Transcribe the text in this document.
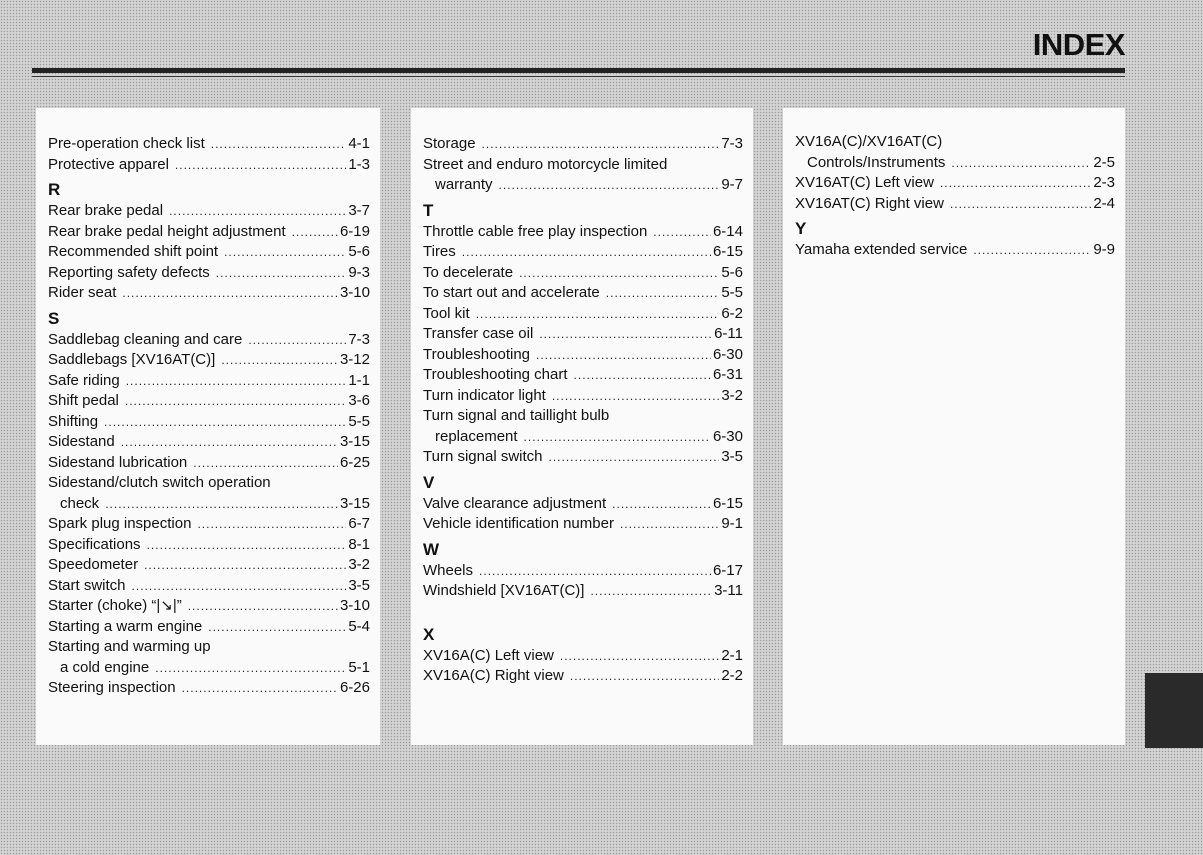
INDEX
Pre-operation check list .....	4-1
Protective apparel .....	1-3
R
Rear brake pedal .....	3-7
Rear brake pedal height adjustment .....	6-19
Recommended shift point .....	5-6
Reporting safety defects .....	9-3
Rider seat .....	3-10
S
Saddlebag cleaning and care .....	7-3
Saddlebags [XV16AT(C)] .....	3-12
Safe riding .....	1-1
Shift pedal .....	3-6
Shifting .....	5-5
Sidestand .....	3-15
Sidestand lubrication .....	6-25
Sidestand/clutch switch operation
check .....	3-15
Spark plug inspection .....	6-7
Specifications .....	8-1
Speedometer .....	3-2
Start switch .....	3-5
Starter (choke) “|↘|” .....	3-10
Starting a warm engine .....	5-4
Starting and warming up
a cold engine .....	5-1
Steering inspection .....	6-26
Storage .....	7-3
Street and enduro motorcycle limited
warranty .....	9-7
T
Throttle cable free play inspection .....	6-14
Tires .....	6-15
To decelerate .....	5-6
To start out and accelerate .....	5-5
Tool kit .....	6-2
Transfer case oil .....	6-11
Troubleshooting .....	6-30
Troubleshooting chart .....	6-31
Turn indicator light .....	3-2
Turn signal and taillight bulb
replacement .....	6-30
Turn signal switch .....	3-5
V
Valve clearance adjustment .....	6-15
Vehicle identification number .....	9-1
W
Wheels .....	6-17
Windshield [XV16AT(C)] .....	3-11
X
XV16A(C) Left view .....	2-1
XV16A(C) Right view .....	2-2
XV16A(C)/XV16AT(C)
Controls/Instruments .....	2-5
XV16AT(C) Left view .....	2-3
XV16AT(C) Right view .....	2-4
Y
Yamaha extended service .....	9-9
